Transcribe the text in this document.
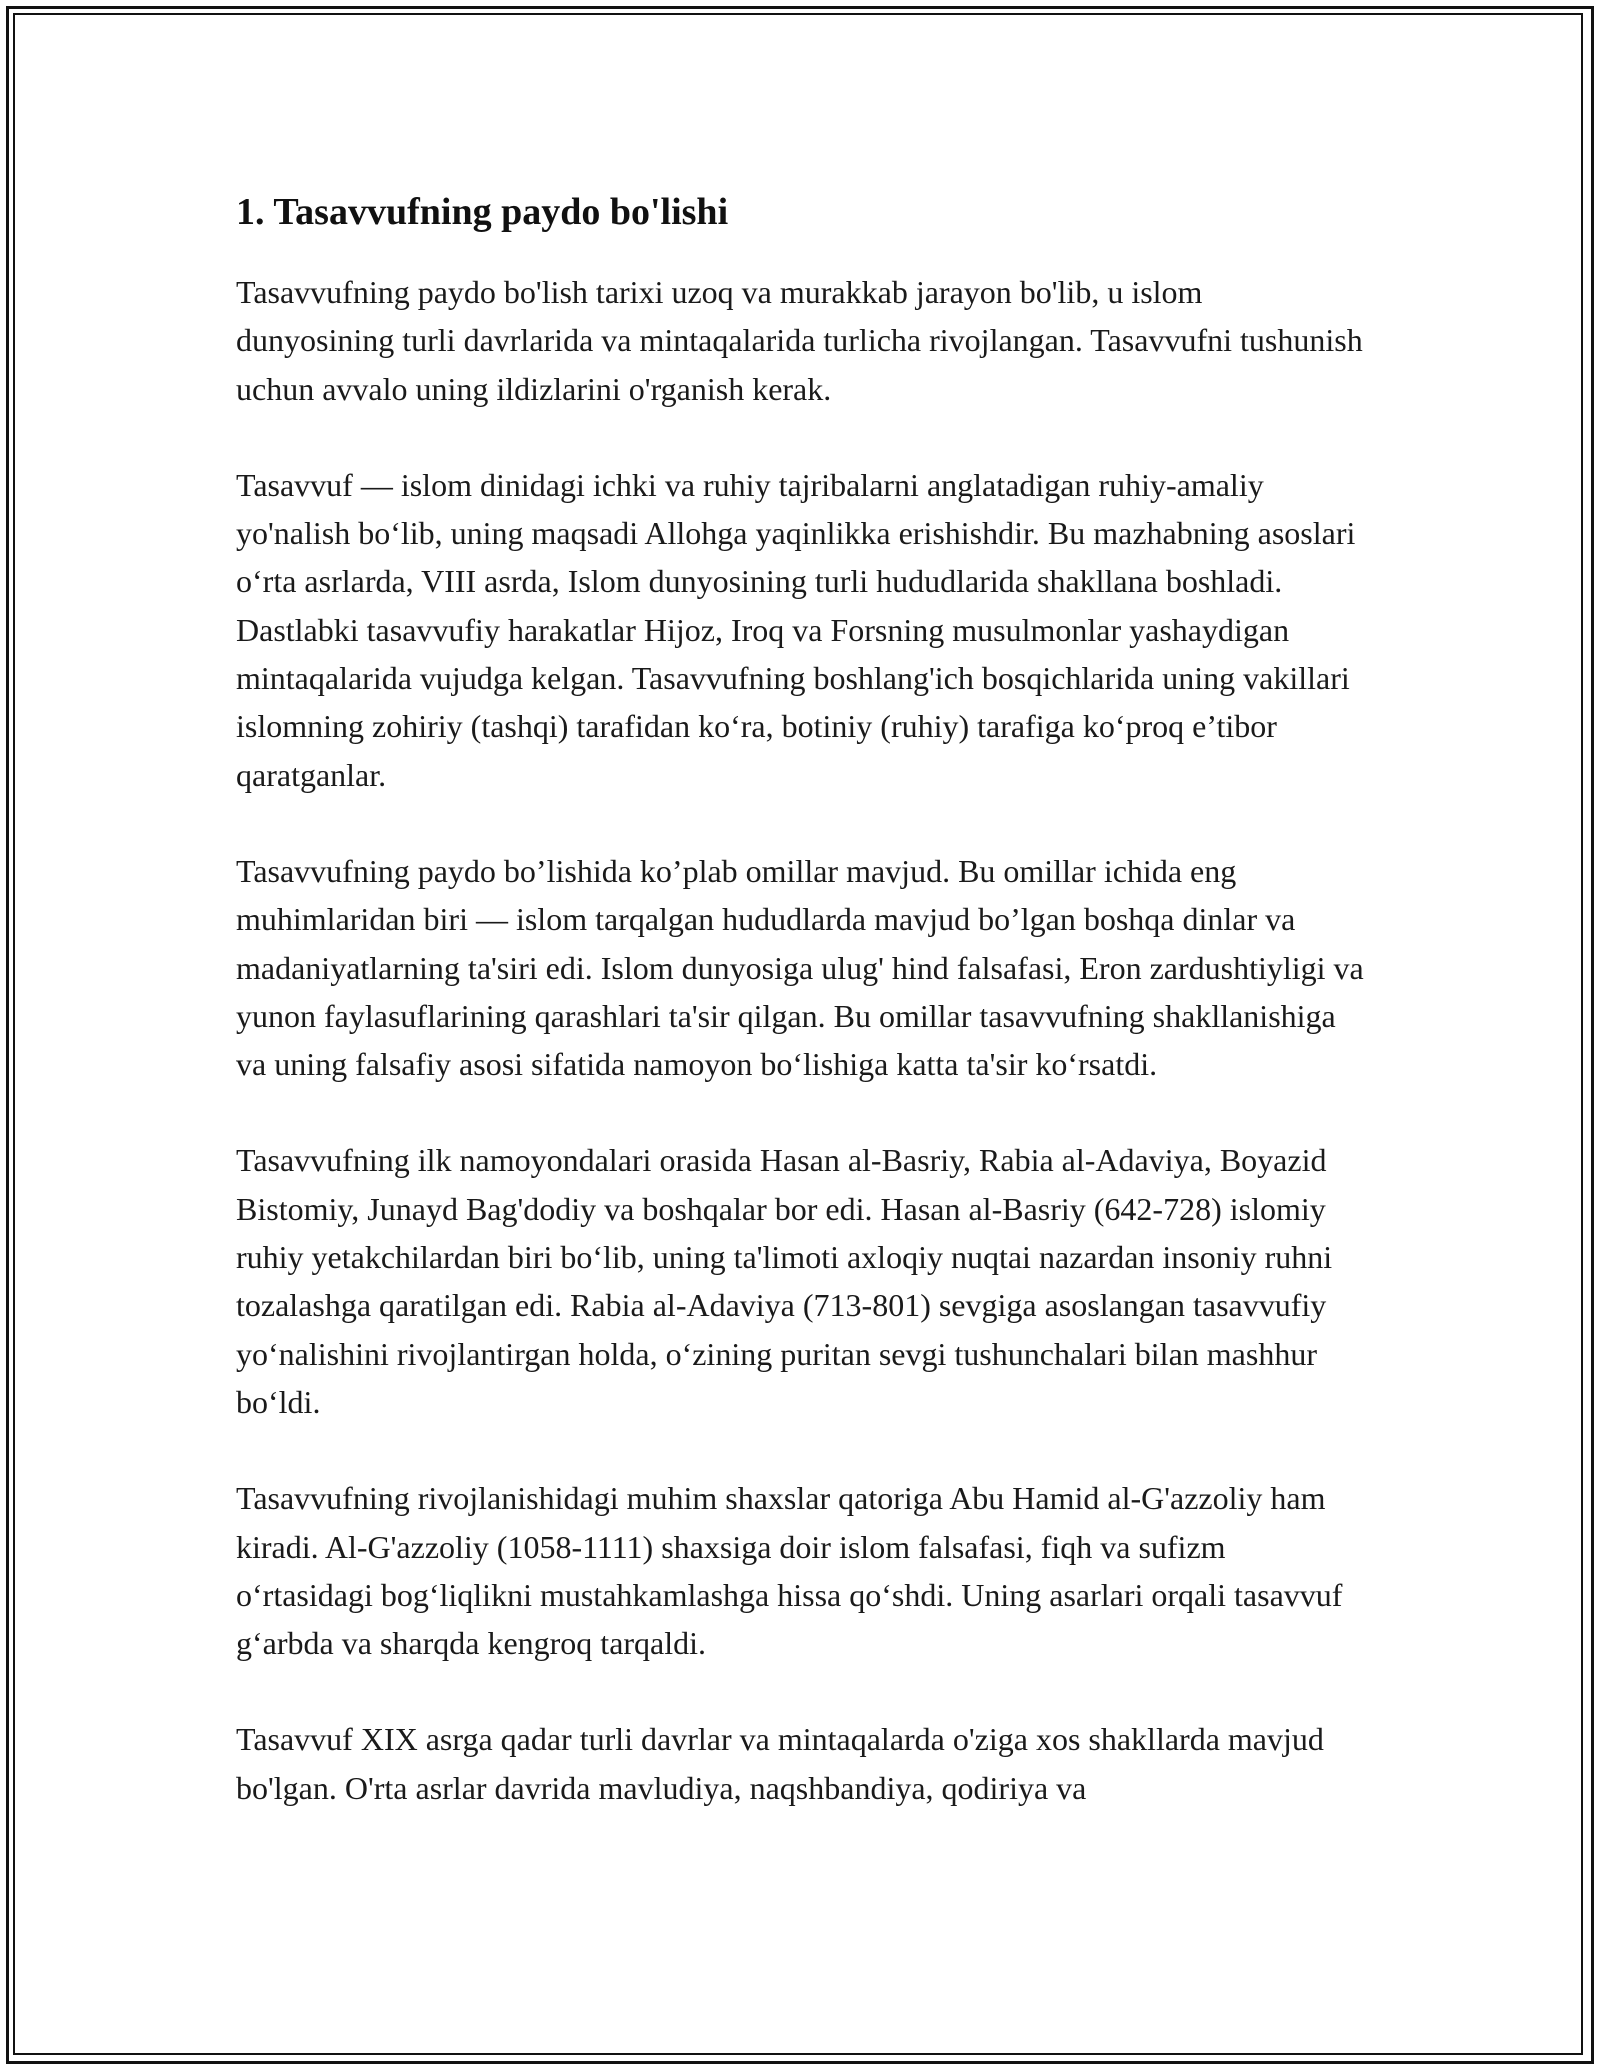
1. Tasavvufning paydo bo'lishi

Tasavvufning paydo bo'lish tarixi uzoq va murakkab jarayon bo'lib, u islom dunyosining turli davrlarida va mintaqalarida turlicha rivojlangan. Tasavvufni tushunish uchun avvalo uning ildizlarini o'rganish kerak.

Tasavvuf — islom dinidagi ichki va ruhiy tajribalarni anglatadigan ruhiy-amaliy yo'nalish bo‘lib, uning maqsadi Allohga yaqinlikka erishishdir. Bu mazhabning asoslari o‘rta asrlarda, VIII asrda, Islom dunyosining turli hududlarida shakllana boshladi. Dastlabki tasavvufiy harakatlar Hijoz, Iroq va Forsning musulmonlar yashaydigan mintaqalarida vujudga kelgan. Tasavvufning boshlang'ich bosqichlarida uning vakillari islomning zohiriy (tashqi) tarafidan ko‘ra, botiniy (ruhiy) tarafiga ko‘proq e’tibor qaratganlar.

Tasavvufning paydo bo’lishida ko’plab omillar mavjud. Bu omillar ichida eng muhimlaridan biri — islom tarqalgan hududlarda mavjud bo’lgan boshqa dinlar va madaniyatlarning ta'siri edi. Islom dunyosiga ulug' hind falsafasi, Eron zardushtiyligi va yunon faylasuflarining qarashlari ta'sir qilgan. Bu omillar tasavvufning shakllanishiga va uning falsafiy asosi sifatida namoyon bo‘lishiga katta ta'sir ko‘rsatdi.

Tasavvufning ilk namoyondalari orasida Hasan al-Basriy, Rabia al-Adaviya, Boyazid Bistomiy, Junayd Bag'dodiy va boshqalar bor edi. Hasan al-Basriy (642-728) islomiy ruhiy yetakchilardan biri bo‘lib, uning ta'limoti axloqiy nuqtai nazardan insoniy ruhni tozalashga qaratilgan edi. Rabia al-Adaviya (713-801) sevgiga asoslangan tasavvufiy yo‘nalishini rivojlantirgan holda, o‘zining puritan sevgi tushunchalari bilan mashhur bo‘ldi.

Tasavvufning rivojlanishidagi muhim shaxslar qatoriga Abu Hamid al-G'azzoliy ham kiradi. Al-G'azzoliy (1058-1111) shaxsiga doir islom falsafasi, fiqh va sufizm o‘rtasidagi bog‘liqlikni mustahkamlashga hissa qo‘shdi. Uning asarlari orqali tasavvuf g‘arbda va sharqda kengroq tarqaldi.

Tasavvuf XIX asrga qadar turli davrlar va mintaqalarda o'ziga xos shakllarda mavjud bo'lgan. O'rta asrlar davrida mavludiya, naqshbandiya, qodiriya va
